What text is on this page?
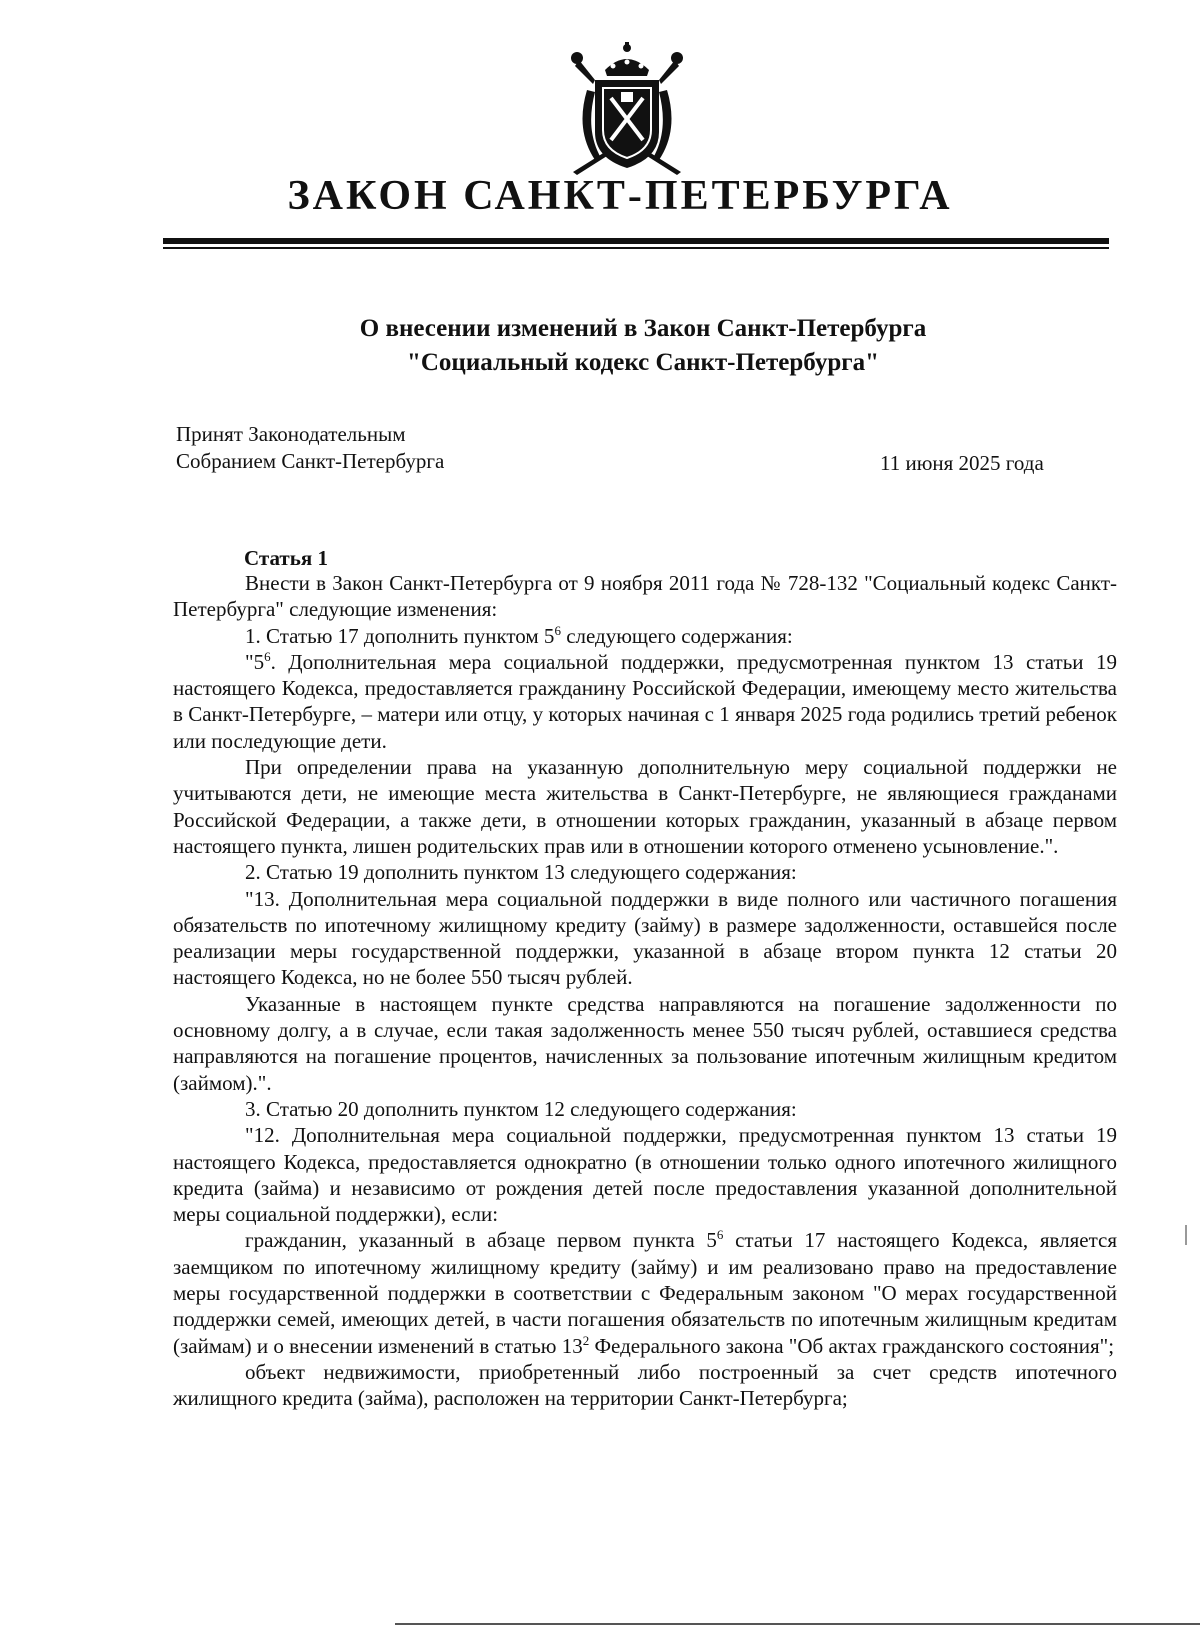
ЗАКОН САНКТ-ПЕТЕРБУРГА
О внесении изменений в Закон Санкт-Петербурга
"Социальный кодекс Санкт-Петербурга"
Принят Законодательным
Собранием Санкт-Петербурга	11 июня 2025 года
Статья 1

Внести в Закон Санкт-Петербурга от 9 ноября 2011 года № 728-132 "Социальный кодекс Санкт-Петербурга" следующие изменения:

1. Статью 17 дополнить пунктом $5^6$ следующего содержания:

"$5^6$. Дополнительная мера социальной поддержки, предусмотренная пунктом 13 статьи 19 настоящего Кодекса, предоставляется гражданину Российской Федерации, имеющему место жительства в Санкт-Петербурге, – матери или отцу, у которых начиная с 1 января 2025 года родились третий ребенок или последующие дети.

При определении права на указанную дополнительную меру социальной поддержки не учитываются дети, не имеющие места жительства в Санкт-Петербурге, не являющиеся гражданами Российской Федерации, а также дети, в отношении которых гражданин, указанный в абзаце первом настоящего пункта, лишен родительских прав или в отношении которого отменено усыновление.".

2. Статью 19 дополнить пунктом 13 следующего содержания:

"13. Дополнительная мера социальной поддержки в виде полного или частичного погашения обязательств по ипотечному жилищному кредиту (займу) в размере задолженности, оставшейся после реализации меры государственной поддержки, указанной в абзаце втором пункта 12 статьи 20 настоящего Кодекса, но не более 550 тысяч рублей.

Указанные в настоящем пункте средства направляются на погашение задолженности по основному долгу, а в случае, если такая задолженность менее 550 тысяч рублей, оставшиеся средства направляются на погашение процентов, начисленных за пользование ипотечным жилищным кредитом (займом).".

3. Статью 20 дополнить пунктом 12 следующего содержания:

"12. Дополнительная мера социальной поддержки, предусмотренная пунктом 13 статьи 19 настоящего Кодекса, предоставляется однократно (в отношении только одного ипотечного жилищного кредита (займа) и независимо от рождения детей после предоставления указанной дополнительной меры социальной поддержки), если:

гражданин, указанный в абзаце первом пункта $5^6$ статьи 17 настоящего Кодекса, является заемщиком по ипотечному жилищному кредиту (займу) и им реализовано право на предоставление меры государственной поддержки в соответствии с Федеральным законом "О мерах государственной поддержки семей, имеющих детей, в части погашения обязательств по ипотечным жилищным кредитам (займам) и о внесении изменений в статью $13^2$ Федерального закона "Об актах гражданского состояния";

объект недвижимости, приобретенный либо построенный за счет средств ипотечного жилищного кредита (займа), расположен на территории Санкт-Петербурга;
